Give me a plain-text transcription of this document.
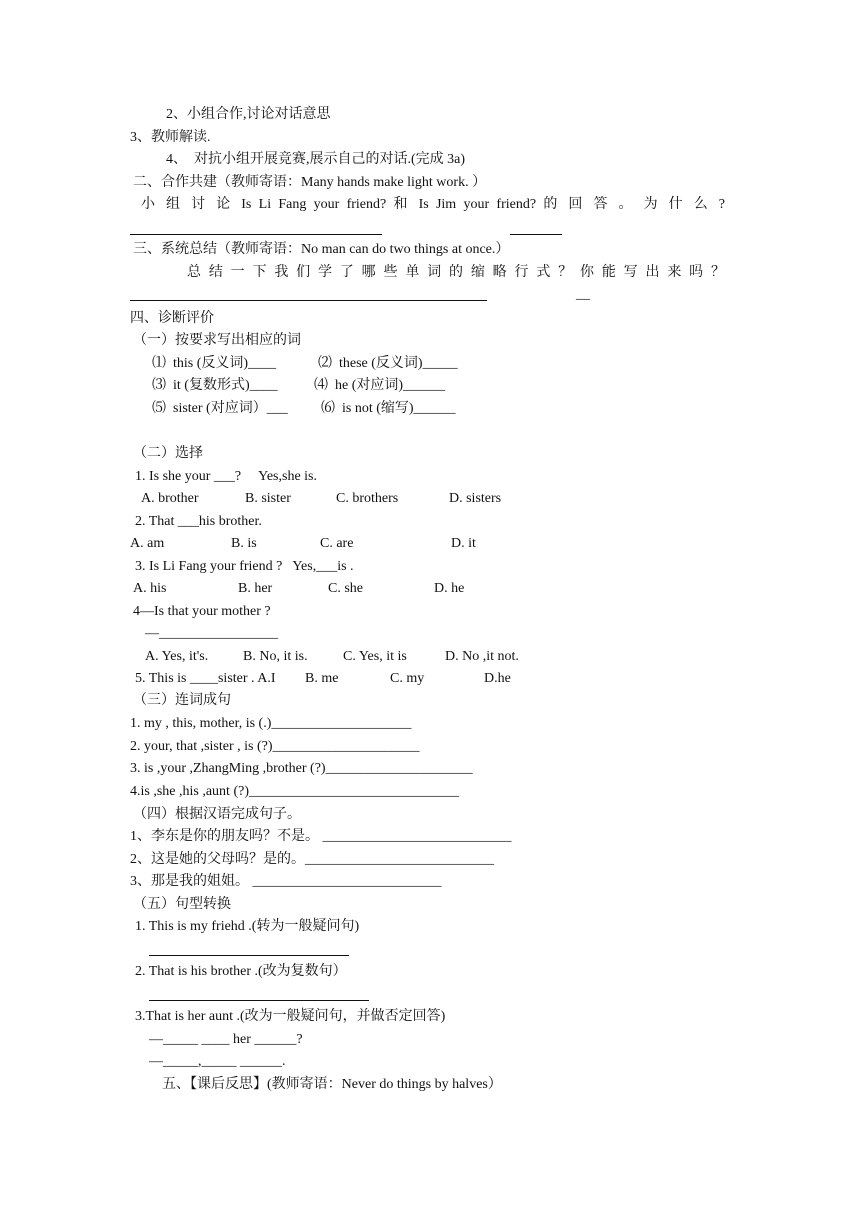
2、小组合作,讨论对话意思
3、教师解读.
4、  对抗小组开展竞赛,展示自己的对话.(完成 3a)
二、合作共建（教师寄语：Many hands make light work. ）
小 组 讨 论 Is Li Fang your friend? 和 Is Jim your friend? 的 回 答 。 为 什 么 ?
三、系统总结（教师寄语：No man can do two things at once.）
总 结 一 下 我 们 学 了 哪 些 单 词 的 缩 略 行 式 ？ 你 能 写 出 来 吗 ？
__
四、诊断评价
（一）按要求写出相应的词
⑴  this (反义词)____	⑵  these (反义词)_____
⑶  it (复数形式)____	⑷  he (对应词)______
⑸  sister (对应词）___ ⑹  is not (缩写)______
（二）选择
1. Is she your ___?     Yes,she is.
A. brother	B. sister	C. brothers	D. sisters
2. That ___his brother.
A. am	B. is	C. are	D. it
3. Is Li Fang your friend ?   Yes,___is .
A. his	B. her	C. she	D. he
4—Is that your mother ?
—_________________
A. Yes, it's. B. No, it is.	C. Yes, it is	D. No ,it not.
5. This is ____sister . A.I B. me	C. my	D.he
（三）连词成句
1. my , this, mother, is (.)____________________
2. your, that ,sister , is (?)_____________________
3. is ,your ,ZhangMing ,brother (?)_____________________
4.is ,she ,his ,aunt (?)______________________________
（四）根据汉语完成句子。
1、李东是你的朋友吗？不是。 ___________________________
2、这是她的父母吗？是的。___________________________
3、那是我的姐姐。 ___________________________
（五）句型转换
1. This is my friehd .(转为一般疑问句)
2. That is his brother .(改为复数句）
3.That is her aunt .(改为一般疑问句，并做否定回答)
—_____ ____ her ______?
—_____,_____ ______.
五、【课后反思】(教师寄语：Never do things by halves）
